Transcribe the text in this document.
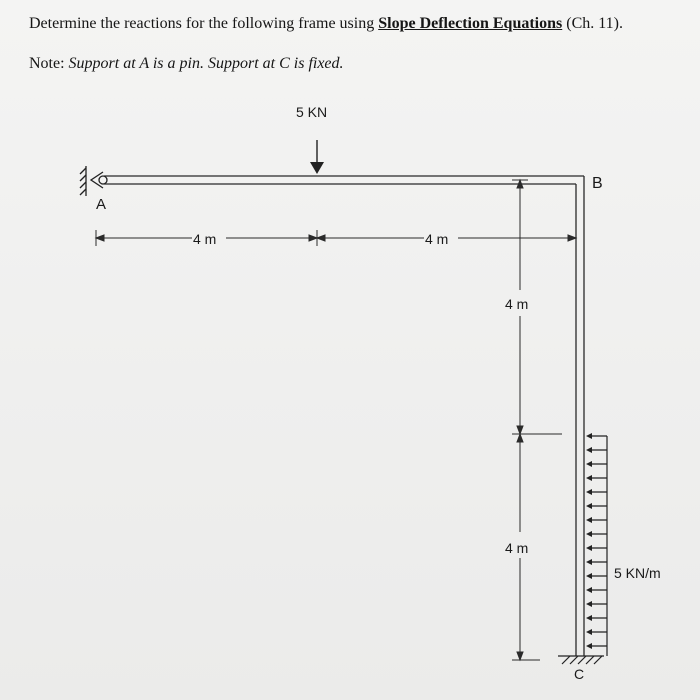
Determine the reactions for the following frame using Slope Deflection Equations (Ch. 11).
Note: Support at A is a pin. Support at C is fixed.
5 KN
A
B
C
4 m	4 m
4 m
4 m
5 KN/m
